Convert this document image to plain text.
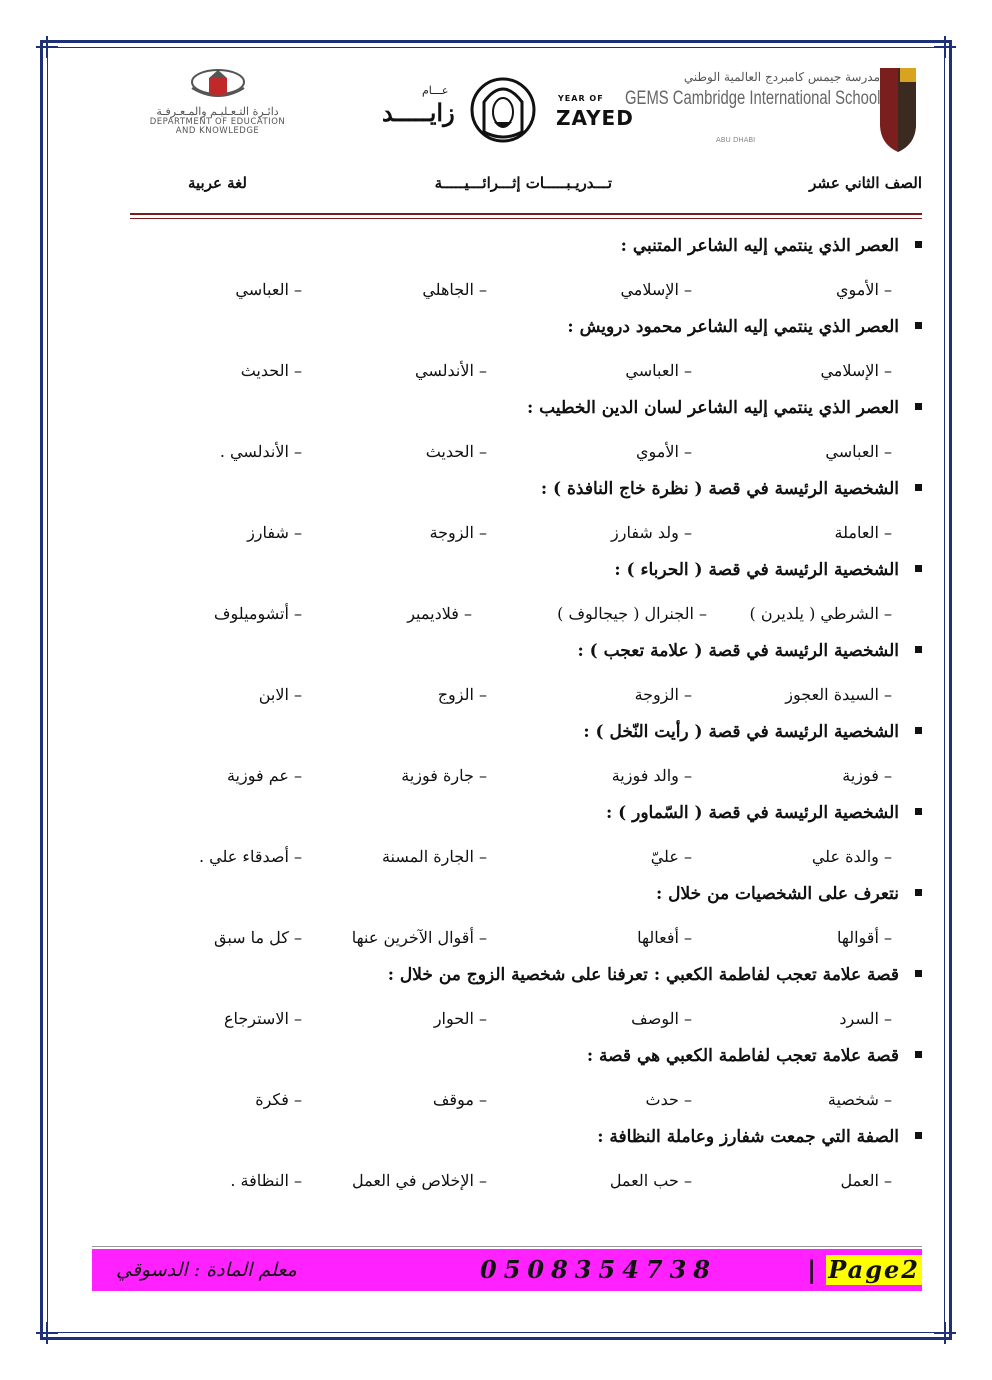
دائـرة التـعـليـم والمـعـرفـة
DEPARTMENT OF EDUCATION
AND KNOWLEDGE
عـــام
زايـــــد	YEAR OF
ZAYED
مدرسة جيمس كامبردج العالمية الوطني
GEMS Cambridge International School
ABU DHABI
الصف الثاني عشر
تـــدريـبـــــات إثـــرائـــيـــــة
لغة عربية
العصر الذي ينتمي إليه الشاعر المتنبي :
– الأموي
– الإسلامي
– الجاهلي
– العباسي
العصر الذي ينتمي إليه الشاعر محمود درويش :
– الإسلامي
– العباسي
– الأندلسي
– الحديث
العصر الذي ينتمي إليه الشاعر لسان الدين الخطيب :
– العباسي
– الأموي
– الحديث
– الأندلسي .
الشخصية الرئيسة في قصة ( نظرة خاج النافذة ) :
– العاملة
– ولد شفارز
– الزوجة
– شفارز
الشخصية الرئيسة في قصة ( الحرباء ) :
– الشرطي ( يلديرن )
– الجنرال ( جيجالوف )
– فلاديمير
– أتشوميلوف
الشخصية الرئيسة في قصة ( علامة تعجب ) :
– السيدة العجوز
– الزوجة
– الزوج
– الابن
الشخصية الرئيسة في قصة ( رأيت النّخل ) :
– فوزية
– والد فوزية
– جارة فوزية
– عم فوزية
الشخصية الرئيسة في قصة ( السّماور ) :
– والدة علي
– عليّ
– الجارة المسنة
– أصدقاء علي .
نتعرف على الشخصيات من خلال :
– أقوالها
– أفعالها
– أقوال الآخرين عنها
– كل ما سبق
قصة علامة تعجب لفاطمة الكعبي : تعرفنا على شخصية الزوج من خلال :
– السرد
– الوصف
– الحوار
– الاسترجاع
قصة علامة تعجب لفاطمة الكعبي هي قصة :
– شخصية
– حدث
– موقف
– فكرة
الصفة التي جمعت شفارز وعاملة النظافة :
– العمل
– حب العمل
– الإخلاص في العمل
– النظافة .
Page2
|
0508354738
معلم المادة : الدسوقي
